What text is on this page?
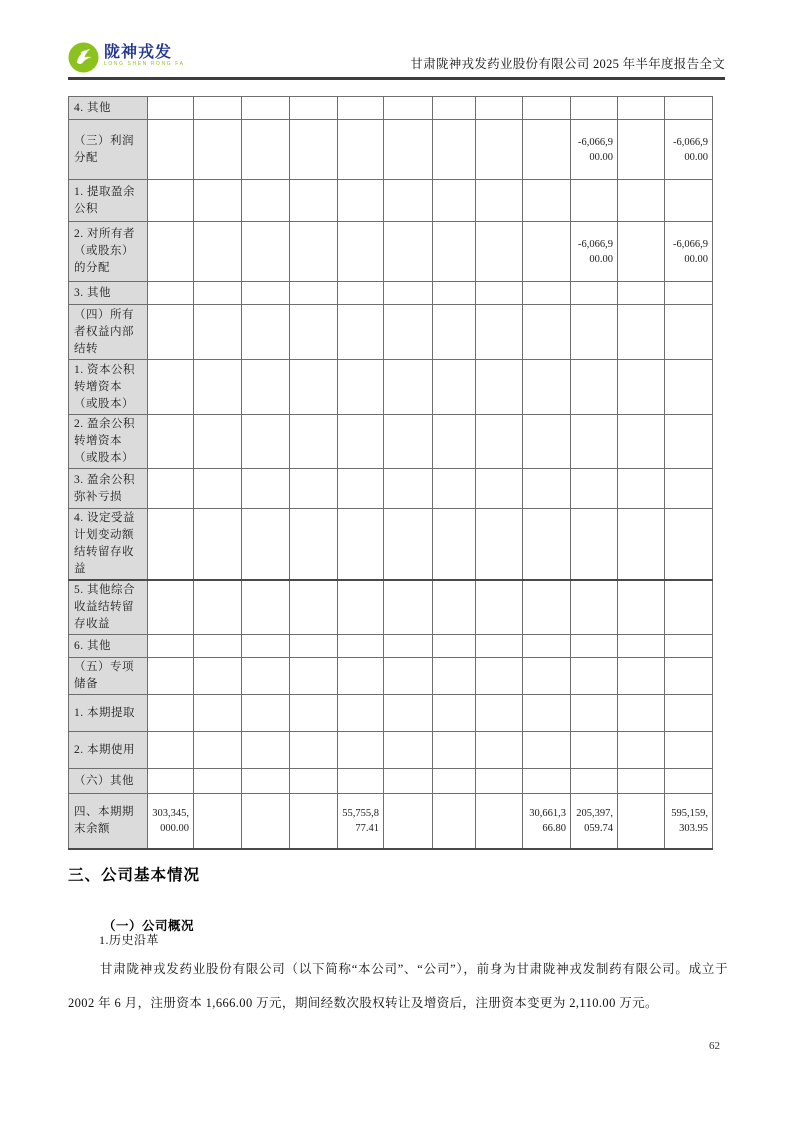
陇神戎发
LONG SHEN RONG FA	甘肃陇神戎发药业股份有限公司 2025 年半年度报告全文
4. 其他												
（三）利润分配										-6,066,900.00		-6,066,900.00
1. 提取盈余公积												
2. 对所有者（或股东）的分配										-6,066,900.00		-6,066,900.00
3. 其他												
（四）所有者权益内部结转												
1. 资本公积转增资本（或股本）												
2. 盈余公积转增资本（或股本）												
3. 盈余公积弥补亏损												
4. 设定受益计划变动额结转留存收益												
5. 其他综合收益结转留存收益												
6. 其他												
（五）专项储备												
1. 本期提取												
2. 本期使用												
（六）其他												
四、本期期末余额	303,345,000.00				55,755,877.41				30,661,366.80	205,397,059.74		595,159,303.95
三、公司基本情况
（一）公司概况
1.历史沿革

甘肃陇神戎发药业股份有限公司（以下简称“本公司”、“公司”），前身为甘肃陇神戎发制药有限公司。成立于 2002 年 6 月，注册资本 1,666.00 万元，期间经数次股权转让及增资后，注册资本变更为 2,110.00 万元。

62
